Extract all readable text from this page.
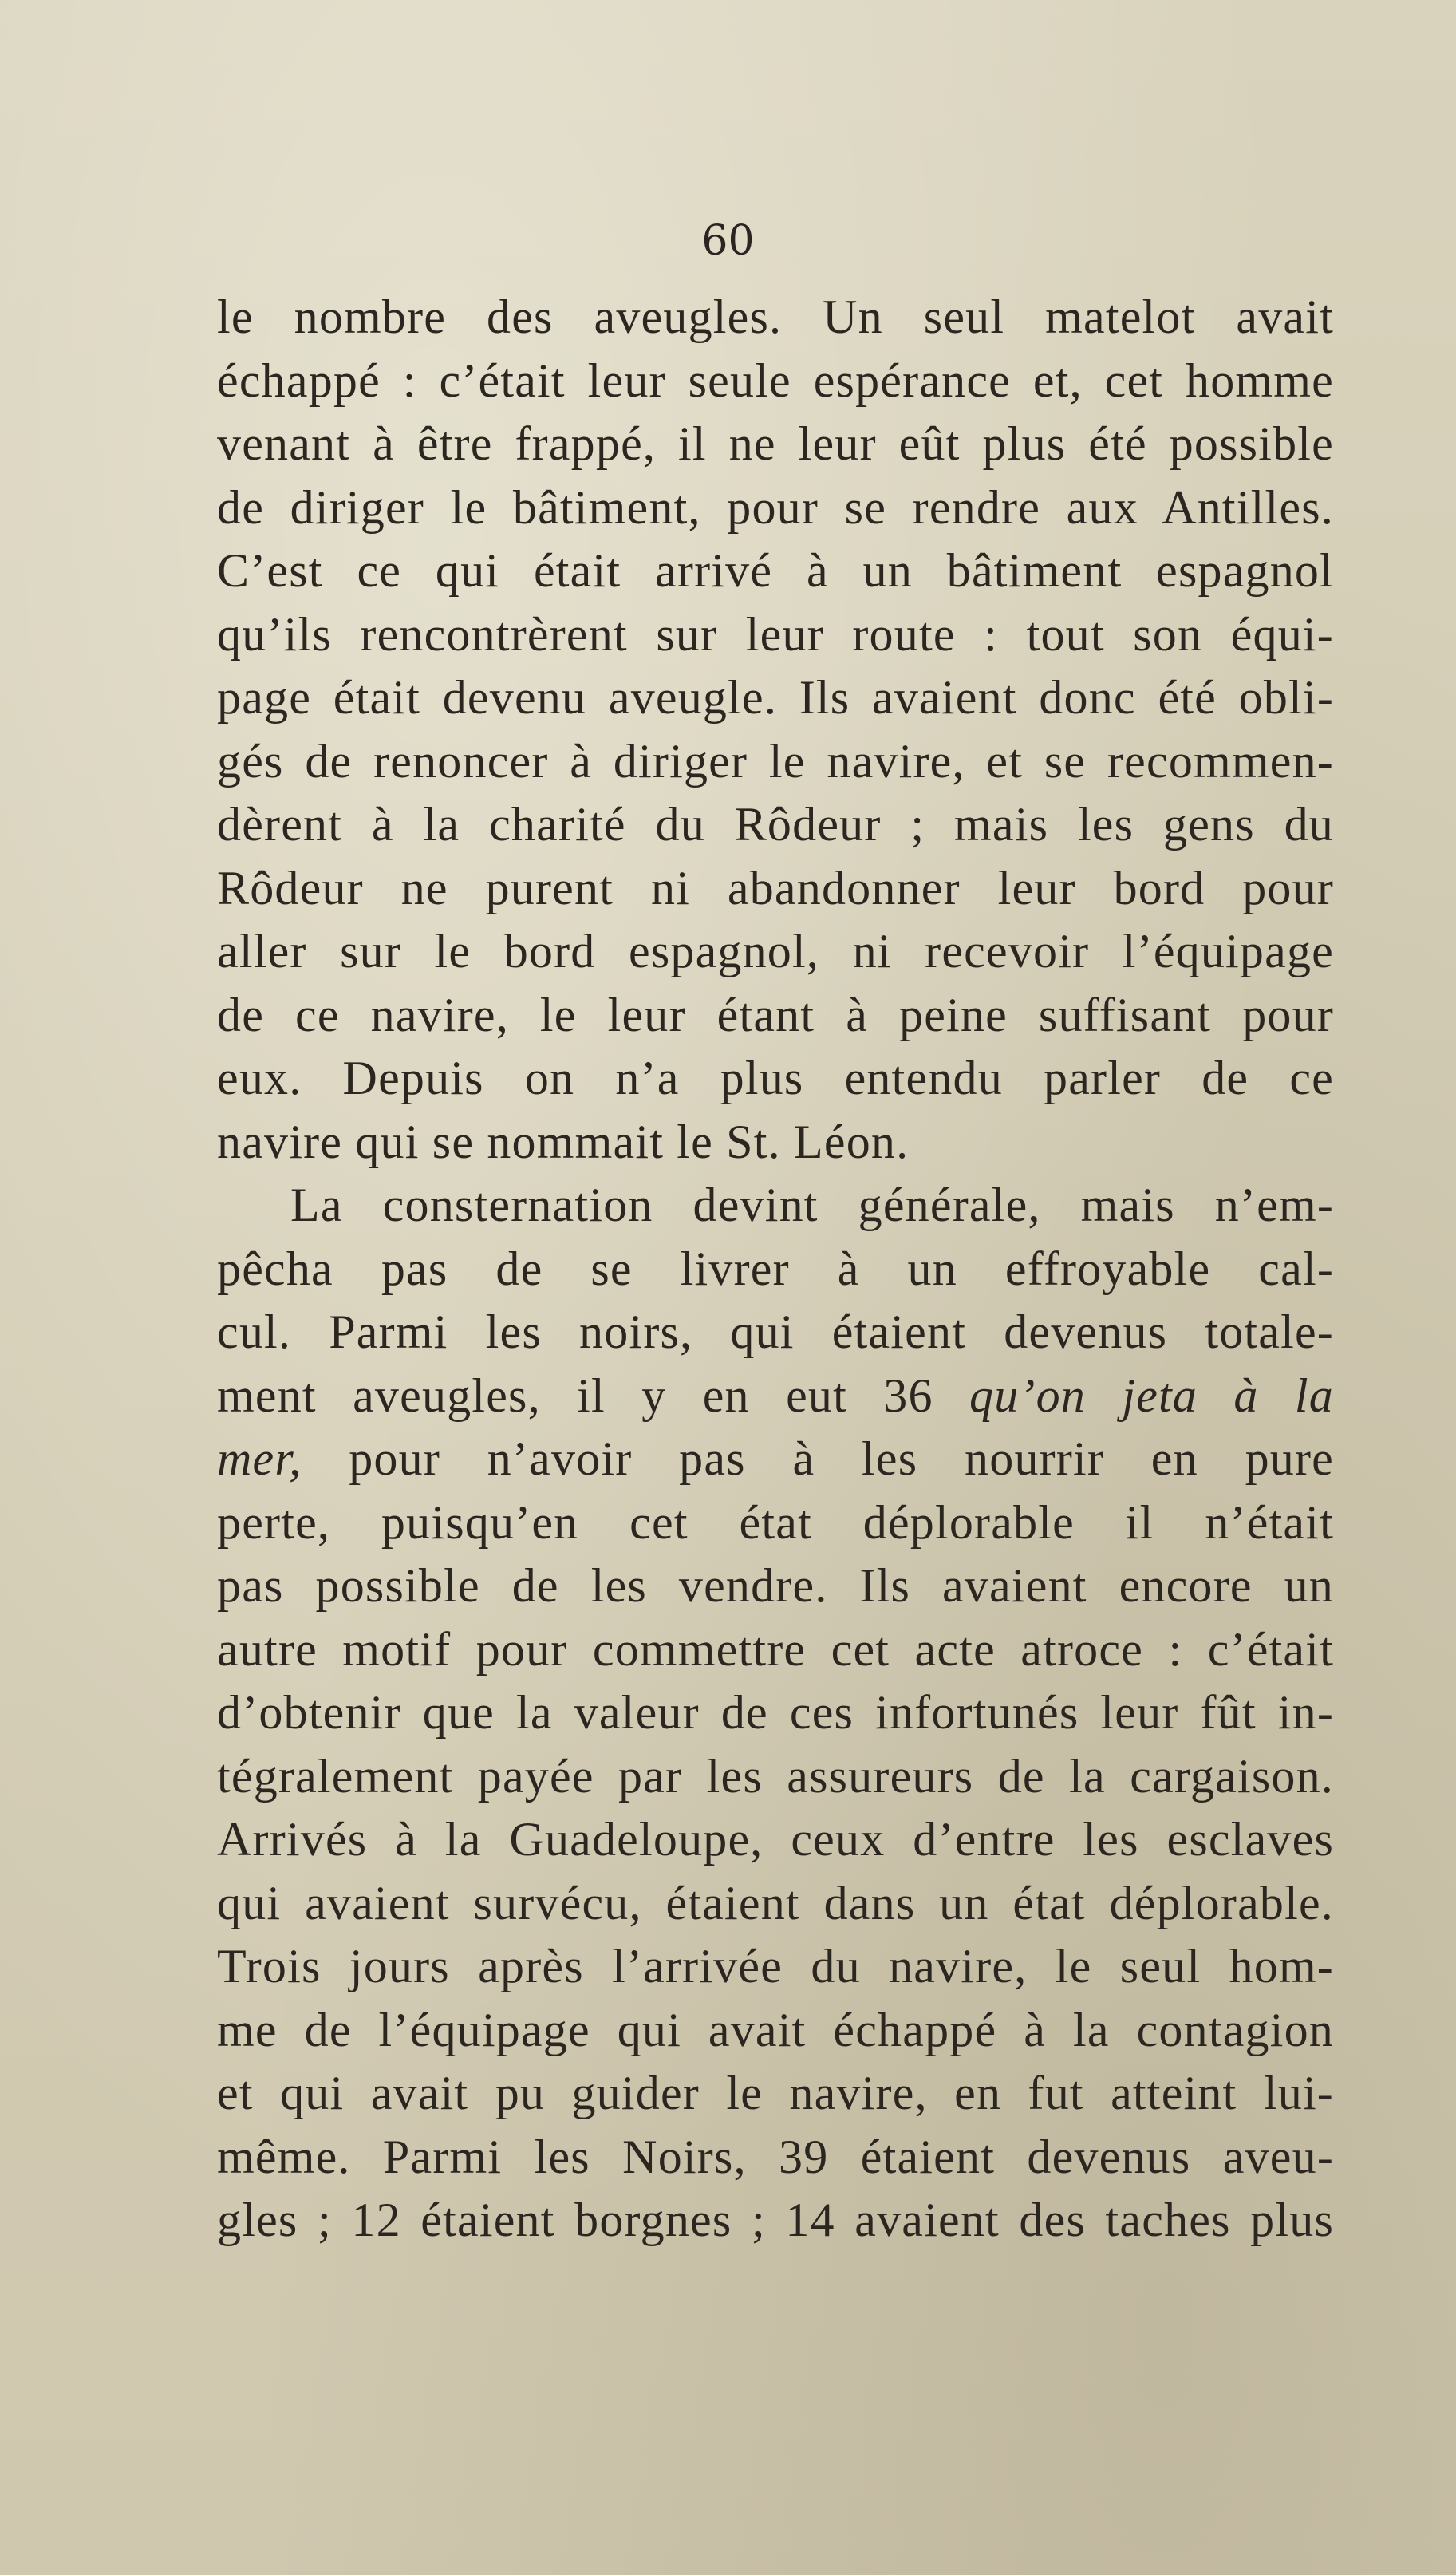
60
le nombre des aveugles. Un seul matelot avait
échappé : c’était leur seule espérance et, cet homme
venant à être frappé, il ne leur eût plus été possible
de diriger le bâtiment, pour se rendre aux Antilles.
C’est ce qui était arrivé à un bâtiment espagnol
qu’ils rencontrèrent sur leur route : tout son équi-
page était devenu aveugle. Ils avaient donc été obli-
gés de renoncer à diriger le navire, et se recommen-
dèrent à la charité du Rôdeur ; mais les gens du
Rôdeur ne purent ni abandonner leur bord pour
aller sur le bord espagnol, ni recevoir l’équipage
de ce navire, le leur étant à peine suffisant pour
eux. Depuis on n’a plus entendu parler de ce
navire qui se nommait le St. Léon.
La consternation devint générale, mais n’em-
pêcha pas de se livrer à un effroyable cal-
cul. Parmi les noirs, qui étaient devenus totale-
ment aveugles, il y en eut 36 qu’on jeta à la
mer, pour n’avoir pas à les nourrir en pure
perte, puisqu’en cet état déplorable il n’était
pas possible de les vendre. Ils avaient encore un
autre motif pour commettre cet acte atroce : c’était
d’obtenir que la valeur de ces infortunés leur fût in-
tégralement payée par les assureurs de la cargaison.
Arrivés à la Guadeloupe, ceux d’entre les esclaves
qui avaient survécu, étaient dans un état déplorable.
Trois jours après l’arrivée du navire, le seul hom-
me de l’équipage qui avait échappé à la contagion
et qui avait pu guider le navire, en fut atteint lui-
même. Parmi les Noirs, 39 étaient devenus aveu-
gles ; 12 étaient borgnes ; 14 avaient des taches plus
